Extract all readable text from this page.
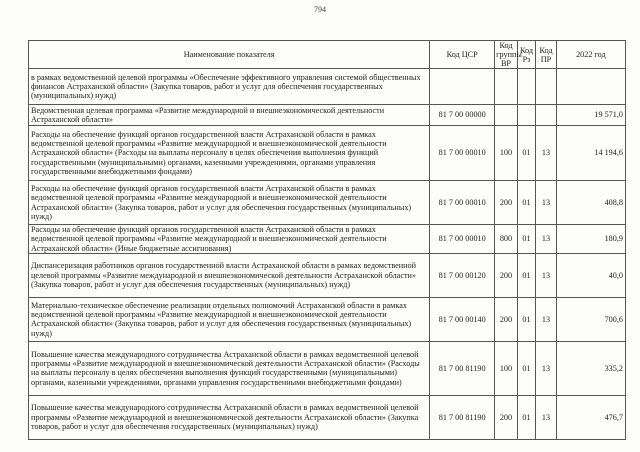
794
Наименование показателя	Код ЦСР	Код группы ВР	Код Рз	Код ПР	2022 год
в рамках ведомственной целевой программы «Обеспечение эффективного управления системой общественных финансов Астраханской области» (Закупка товаров, работ и услуг для обеспечения государственных (муниципальных) нужд)					
Ведомственная целевая программа «Развитие международной и внешнеэкономической деятельности Астраханской области»	81 7 00 00000				19 571,0
Расходы на обеспечение функций органов государственной власти Астраханской области в рамках ведомственной целевой программы «Развитие международной и внешнеэкономической деятельности Астраханской области» (Расходы на выплаты персоналу в целях обеспечения выполнения функций государственными (муниципальными) органами, казенными учреждениями, органами управления государственными внебюджетными фондами)	81 7 00 00010	100	01	13	14 194,6
Расходы на обеспечение функций органов государственной власти Астраханской области в рамках ведомственной целевой программы «Развитие международной и внешнеэкономической деятельности Астраханской области» (Закупка товаров, работ и услуг для обеспечения государственных (муниципальных) нужд)	81 7 00 00010	200	01	13	408,8
Расходы на обеспечение функций органов государственной власти Астраханской области в рамках ведомственной целевой программы «Развитие международной и внешнеэкономической деятельности Астраханской области» (Иные бюджетные ассигнования)	81 7 00 00010	800	01	13	180,9
Диспансеризация работников органов государственной власти Астраханской области в рамках ведомственной целевой программы «Развитие международной и внешнеэкономической деятельности Астраханской области» (Закупка товаров, работ и услуг для обеспечения государственных (муниципальных) нужд)	81 7 00 00120	200	01	13	40,0
Материально-техническое обеспечение реализации отдельных полномочий Астраханской области в рамках ведомственной целевой программы «Развитие международной и внешнеэкономической деятельности Астраханской области» (Закупка товаров, работ и услуг для обеспечения государственных (муниципальных) нужд)	81 7 00 00140	200	01	13	700,6
Повышение качества международного сотрудничества Астраханской области в рамках ведомственной целевой программы «Развитие международной и внешнеэкономической деятельности Астраханской области» (Расходы на выплаты персоналу в целях обеспечения выполнения функций государственными (муниципальными) органами, казенными учреждениями, органами управления государственными внебюджетными фондами)	81 7 00 81190	100	01	13	335,2
Повышение качества международного сотрудничества Астраханской области в рамках ведомственной целевой программы «Развитие международной и внешнеэкономической деятельности Астраханской области» (Закупка товаров, работ и услуг для обеспечения государственных (муниципальных) нужд)	81 7 00 81190	200	01	13	476,7
